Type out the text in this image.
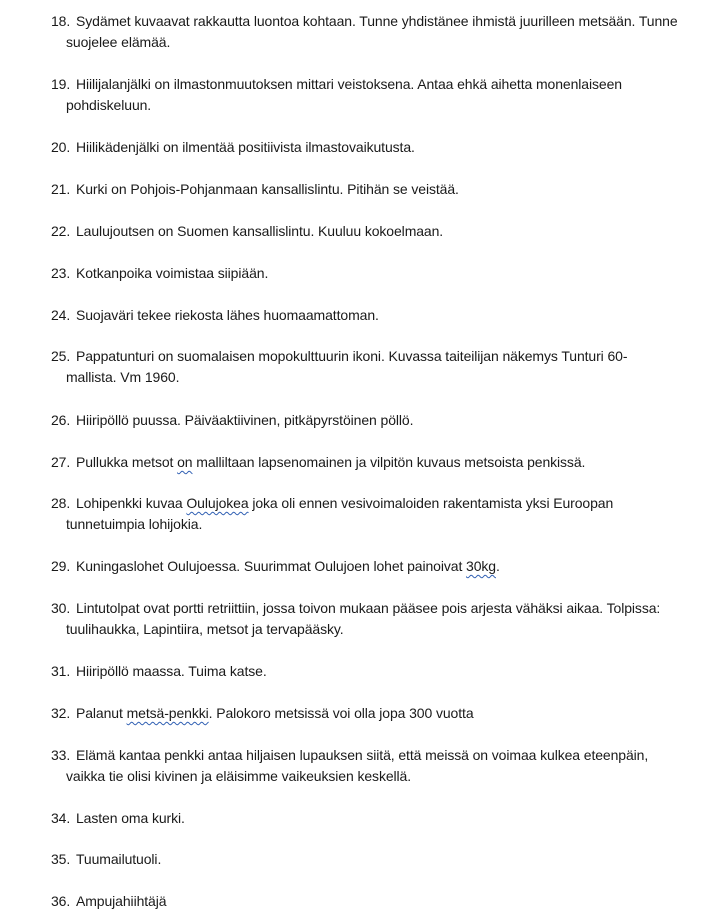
18. Sydämet kuvaavat rakkautta luontoa kohtaan. Tunne yhdistänee ihmistä juurilleen metsään. Tunne
suojelee elämää.
19. Hiilijalanjälki on ilmastonmuutoksen mittari veistoksena. Antaa ehkä aihetta monenlaiseen
pohdiskeluun.
20. Hiilikädenjälki on ilmentää positiivista ilmastovaikutusta.
21. Kurki on Pohjois-Pohjanmaan kansallislintu. Pitihän se veistää.
22. Laulujoutsen on Suomen kansallislintu. Kuuluu kokoelmaan.
23. Kotkanpoika voimistaa siipiään.
24. Suojaväri tekee riekosta lähes huomaamattoman.
25. Pappatunturi on suomalaisen mopokulttuurin ikoni. Kuvassa taiteilijan näkemys Tunturi 60-
mallista. Vm 1960.
26. Hiiripöllö puussa. Päiväaktiivinen, pitkäpyrstöinen pöllö.
27. Pullukka metsot on malliltaan lapsenomainen ja vilpitön kuvaus metsoista penkissä.
28. Lohipenkki kuvaa Oulujokea joka oli ennen vesivoimaloiden rakentamista yksi Euroopan
tunnetuimpia lohijokia.
29. Kuningaslohet Oulujoessa. Suurimmat Oulujoen lohet painoivat 30kg.
30. Lintutolpat ovat portti retriittiin, jossa toivon mukaan pääsee pois arjesta vähäksi aikaa. Tolpissa:
tuulihaukka, Lapintiira, metsot ja tervapääsky.
31. Hiiripöllö maassa. Tuima katse.
32. Palanut metsä-penkki. Palokoro metsissä voi olla jopa 300 vuotta
33. Elämä kantaa penkki antaa hiljaisen lupauksen siitä, että meissä on voimaa kulkea eteenpäin,
vaikka tie olisi kivinen ja eläisimme vaikeuksien keskellä.
34. Lasten oma kurki.
35. Tuumailutuoli.
36. Ampujahiihtäjä
